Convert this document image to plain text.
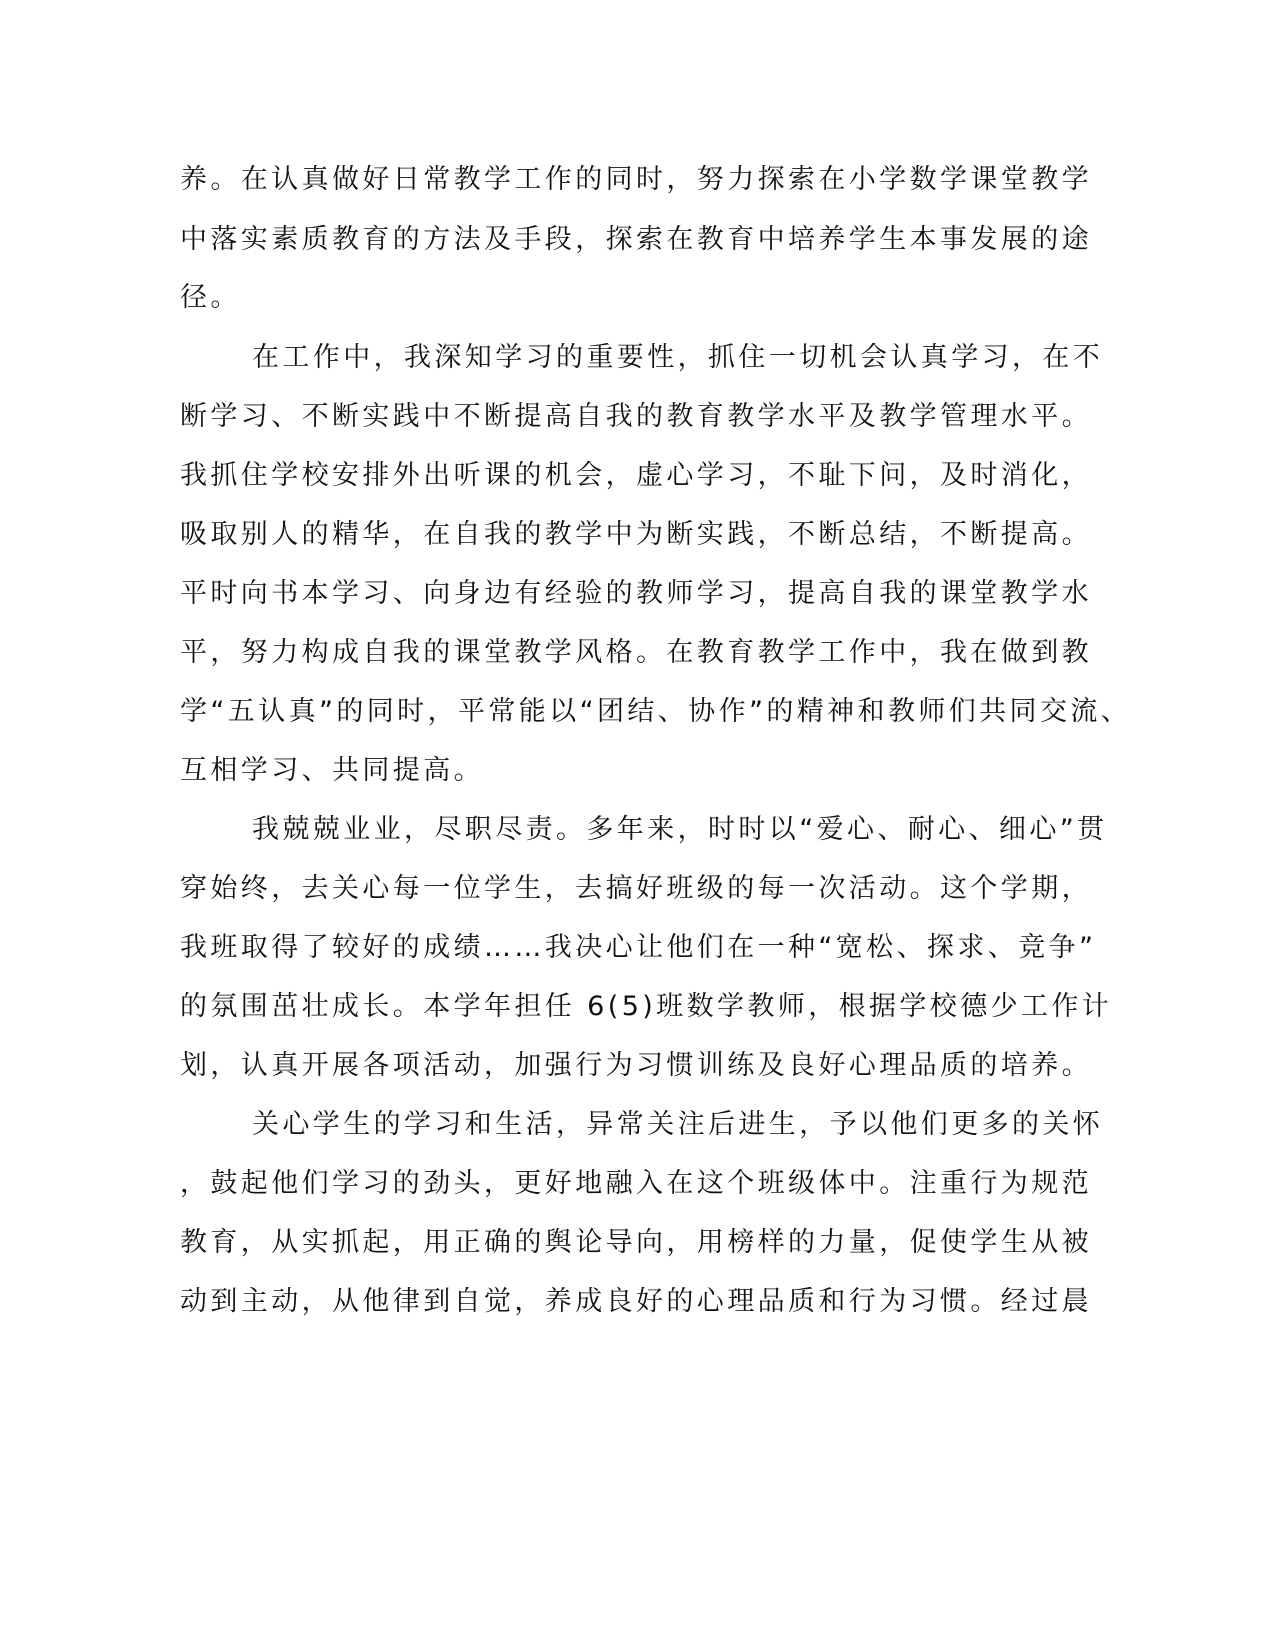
养。在认真做好日常教学工作的同时，努力探索在小学数学课堂教学
中落实素质教育的方法及手段，探索在教育中培养学生本事发展的途
径。
在工作中，我深知学习的重要性，抓住一切机会认真学习，在不
断学习、不断实践中不断提高自我的教育教学水平及教学管理水平。
我抓住学校安排外出听课的机会，虚心学习，不耻下问，及时消化，
吸取别人的精华，在自我的教学中为断实践，不断总结，不断提高。
平时向书本学习、向身边有经验的教师学习，提高自我的课堂教学水
平，努力构成自我的课堂教学风格。在教育教学工作中，我在做到教
学“五认真”的同时，平常能以“团结、协作”的精神和教师们共同交流、
互相学习、共同提高。
我兢兢业业，尽职尽责。多年来，时时以“爱心、耐心、细心”贯
穿始终，去关心每一位学生，去搞好班级的每一次活动。这个学期，
我班取得了较好的成绩……我决心让他们在一种“宽松、探求、竞争”
的氛围茁壮成长。本学年担任 6(5)班数学教师，根据学校德少工作计
划，认真开展各项活动，加强行为习惯训练及良好心理品质的培养。
关心学生的学习和生活，异常关注后进生，予以他们更多的关怀
，鼓起他们学习的劲头，更好地融入在这个班级体中。注重行为规范
教育，从实抓起，用正确的舆论导向，用榜样的力量，促使学生从被
动到主动，从他律到自觉，养成良好的心理品质和行为习惯。经过晨
